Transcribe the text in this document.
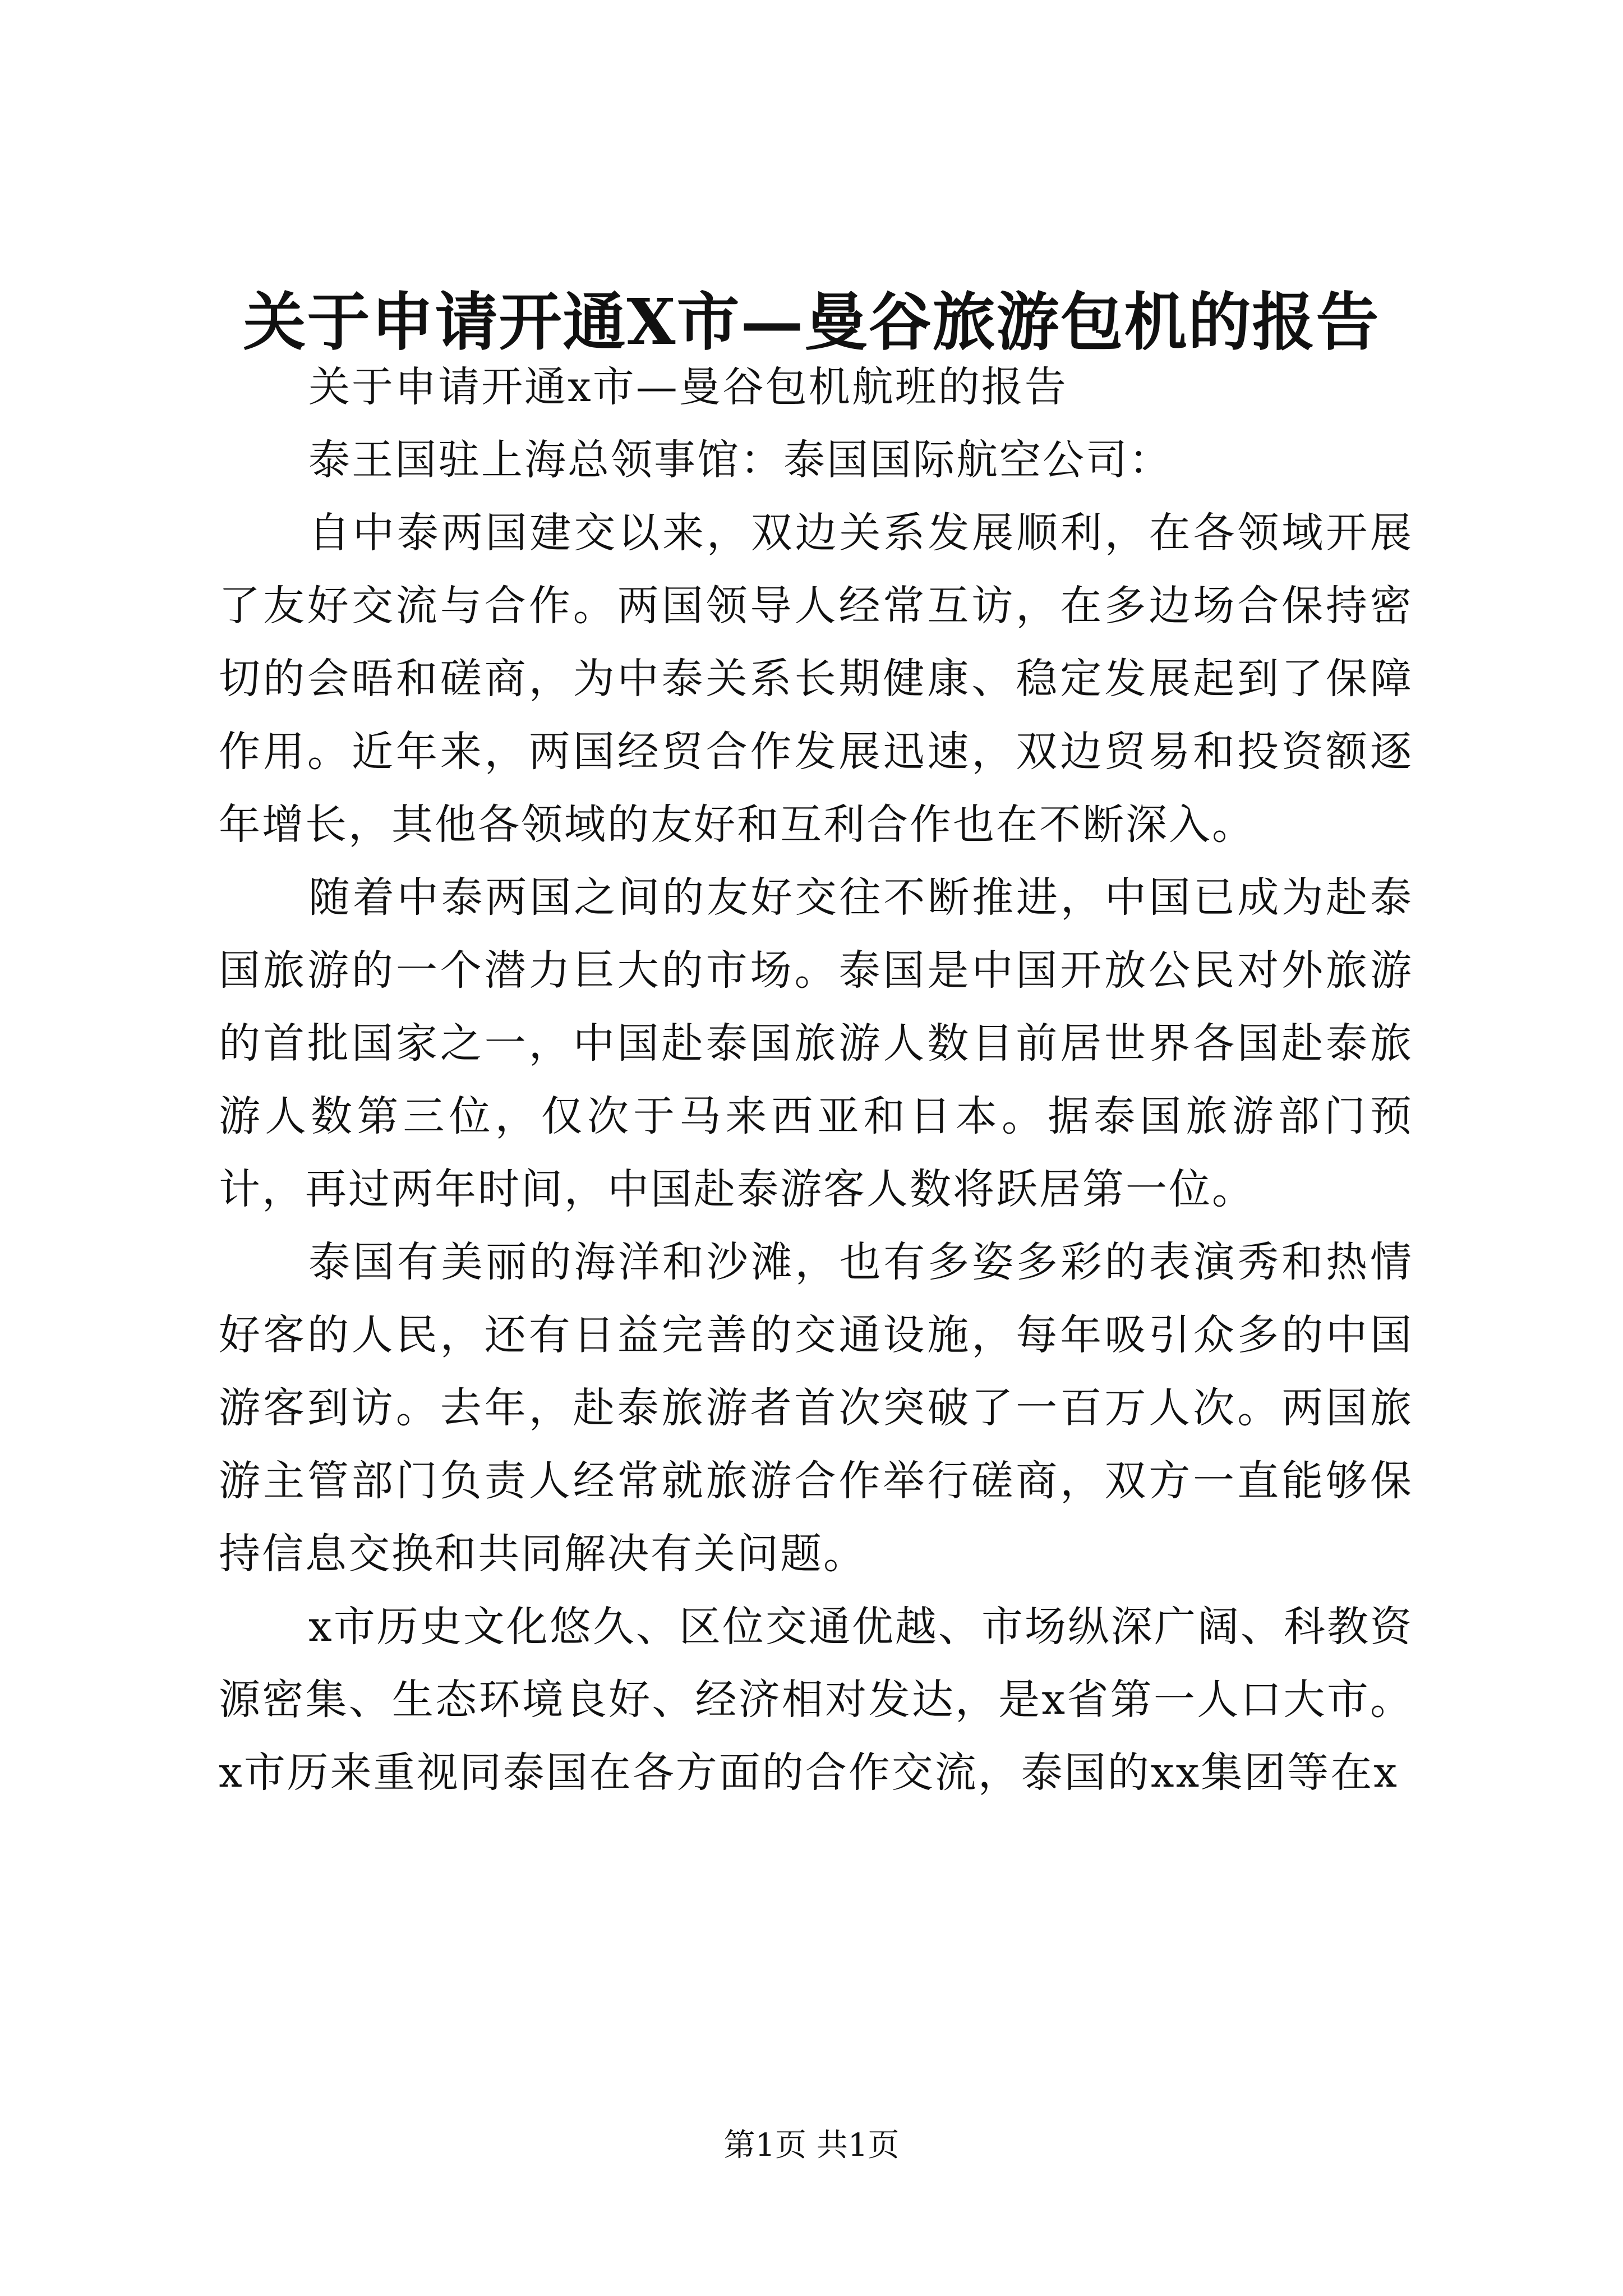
关于申请开通X市—曼谷旅游包机的报告

关于申请开通x市—曼谷包机航班的报告

泰王国驻上海总领事馆：泰国国际航空公司：

自中泰两国建交以来，双边关系发展顺利，在各领域开展了友好交流与合作。两国领导人经常互访，在多边场合保持密切的会晤和磋商，为中泰关系长期健康、稳定发展起到了保障作用。近年来，两国经贸合作发展迅速，双边贸易和投资额逐年增长，其他各领域的友好和互利合作也在不断深入。

随着中泰两国之间的友好交往不断推进，中国已成为赴泰国旅游的一个潜力巨大的市场。泰国是中国开放公民对外旅游的首批国家之一，中国赴泰国旅游人数目前居世界各国赴泰旅游人数第三位，仅次于马来西亚和日本。据泰国旅游部门预计，再过两年时间，中国赴泰游客人数将跃居第一位。

泰国有美丽的海洋和沙滩，也有多姿多彩的表演秀和热情好客的人民，还有日益完善的交通设施，每年吸引众多的中国游客到访。去年，赴泰旅游者首次突破了一百万人次。两国旅游主管部门负责人经常就旅游合作举行磋商，双方一直能够保持信息交换和共同解决有关问题。

x市历史文化悠久、区位交通优越、市场纵深广阔、科教资源密集、生态环境良好、经济相对发达，是x省第一人口大市。x市历来重视同泰国在各方面的合作交流，泰国的xx集团等在x

第1页 共1页
